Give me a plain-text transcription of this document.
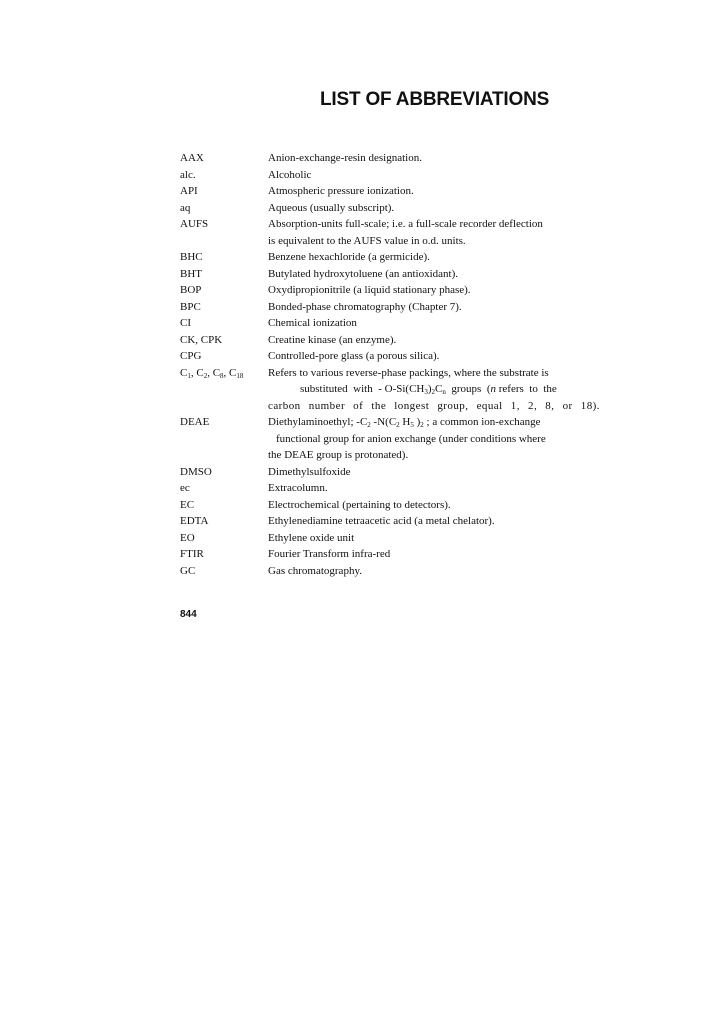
LIST OF ABBREVIATIONS
AAX	Anion-exchange-resin designation.
alc.	Alcoholic
API	Atmospheric pressure ionization.
aq	Aqueous (usually subscript).
AUFS	Absorption-units full-scale; i.e. a full-scale recorder deflection
is equivalent to the AUFS value in o.d. units.
BHC	Benzene hexachloride (a germicide).
BHT	Butylated hydroxytoluene (an antioxidant).
BOP	Oxydipropionitrile (a liquid stationary phase).
BPC	Bonded-phase chromatography (Chapter 7).
CI	Chemical ionization
CK, CPK	Creatine kinase (an enzyme).
CPG	Controlled-pore glass (a porous silica).
$C_1$, $C_2$, $C_8$, $C_{18}$	Refers to various reverse-phase packings, where the substrate is
substituted  with  - $O-Si(CH_3)_2C_n$  groups  (n refers  to  the
carbon number of the longest group, equal 1, 2, 8, or 18).
DEAE	Diethylaminoethyl; $-C_2$ $-N(C_2$ $H_5$ )$_2$ ; a common ion-exchange
functional group for anion exchange (under conditions where
the DEAE group is protonated).
DMSO	Dimethylsulfoxide
ec	Extracolumn.
EC	Electrochemical (pertaining to detectors).
EDTA	Ethylenediamine tetraacetic acid (a metal chelator).
EO	Ethylene oxide unit
FTIR	Fourier Transform infra-red
GC	Gas chromatography.
844
